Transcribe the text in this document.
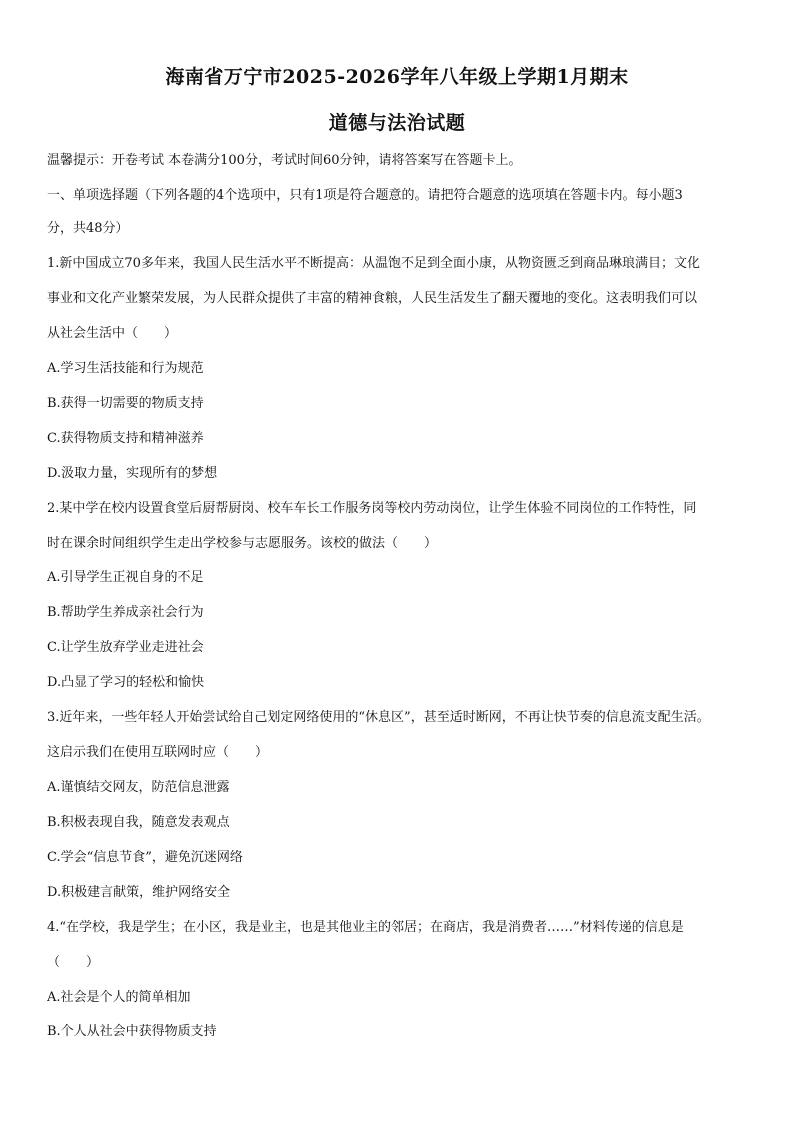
海南省万宁市2025-2026学年八年级上学期1月期末
道德与法治试题
温馨提示：开卷考试 本卷满分100分，考试时间60分钟，请将答案写在答题卡上。
一、单项选择题（下列各题的4个选项中，只有1项是符合题意的。请把符合题意的选项填在答题卡内。每小题3
分，共48分）
1.新中国成立70多年来，我国人民生活水平不断提高：从温饱不足到全面小康，从物资匮乏到商品琳琅满目；文化
事业和文化产业繁荣发展，为人民群众提供了丰富的精神食粮，人民生活发生了翻天覆地的变化。这表明我们可以
从社会生活中（　　）
A.学习生活技能和行为规范
B.获得一切需要的物质支持
C.获得物质支持和精神滋养
D.汲取力量，实现所有的梦想
2.某中学在校内设置食堂后厨帮厨岗、校车车长工作服务岗等校内劳动岗位，让学生体验不同岗位的工作特性，同
时在课余时间组织学生走出学校参与志愿服务。该校的做法（　　）
A.引导学生正视自身的不足
B.帮助学生养成亲社会行为
C.让学生放弃学业走进社会
D.凸显了学习的轻松和愉快
3.近年来，一些年轻人开始尝试给自己划定网络使用的“休息区”，甚至适时断网，不再让快节奏的信息流支配生活。
这启示我们在使用互联网时应（　　）
A.谨慎结交网友，防范信息泄露
B.积极表现自我，随意发表观点
C.学会“信息节食”，避免沉迷网络
D.积极建言献策，维护网络安全
4.“在学校，我是学生；在小区，我是业主，也是其他业主的邻居；在商店，我是消费者……”材料传递的信息是
（　　）
A.社会是个人的简单相加
B.个人从社会中获得物质支持
